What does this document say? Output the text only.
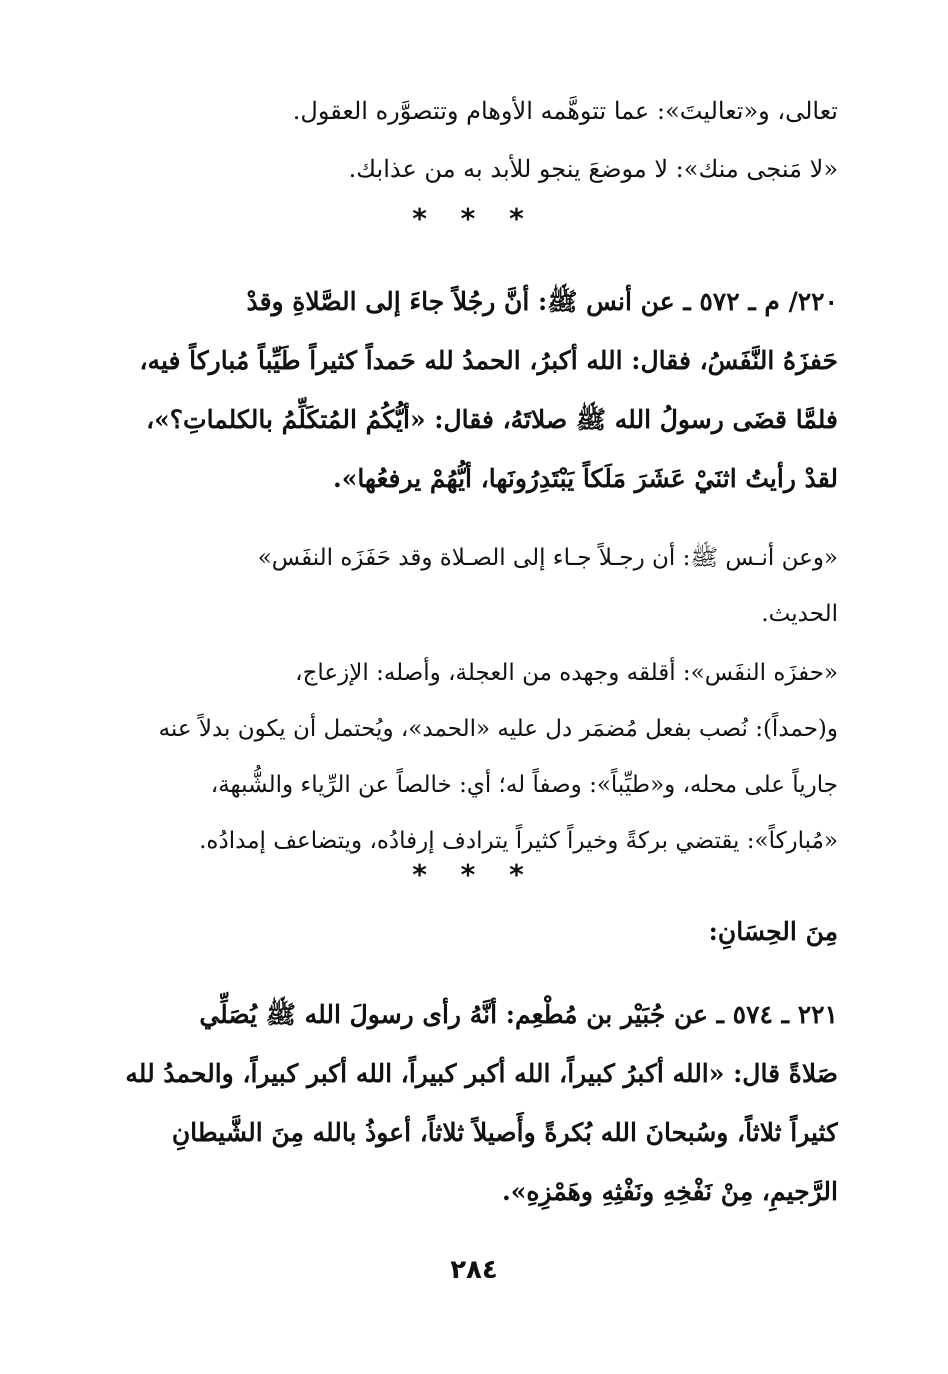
تعالى، و«تعاليتَ»: عما تتوهَّمه الأوهام وتتصوَّره العقول.
«لا مَنجى منك»: لا موضعَ ينجو للأبد به من عذابك.
* * *
٢٢٠/ م ـ ٥٧٢ ـ عن أنس ﷺ: أنَّ رجُلاً جاءَ إلى الصَّلاةِ وقدْ
حَفزَهُ النَّفَسُ، فقال: الله أكبرُ، الحمدُ لله حَمداً كثيراً طَيِّباً مُباركاً فيه،
فلمَّا قضَى رسولُ الله ﷺ صلاتَهُ، فقال: «أيُّكُمُ المُتكَلِّمُ بالكلماتِ؟»،
لقدْ رأيتُ اثنَيْ عَشَرَ مَلَكاً يَبْتَدِرُونَها، أيُّهُمْ يرفعُها».
«وعن أنـس ﷺ: أن رجـلاً جـاء إلى الصـلاة وقد حَفَزَه النفَس»
الحديث.
«حفزَه النفَس»: أقلقه وجهده من العجلة، وأصله: الإزعاج،
و(حمداً): نُصب بفعل مُضمَر دل عليه «الحمد»، ويُحتمل أن يكون بدلاً عنه
جارياً على محله، و«طيِّباً»: وصفاً له؛ أي: خالصاً عن الرِّياء والشُّبهة،
«مُباركاً»: يقتضي بركةً وخيراً كثيراً يترادف إرفادُه، ويتضاعف إمدادُه.
* * *
مِنَ الحِسَانِ:
٢٢١ ـ ٥٧٤ ـ عن جُبَيْر بن مُطْعِم: أنَّهُ رأى رسولَ الله ﷺ يُصَلِّي
صَلاةً قال: «الله أكبرُ كبيراً، الله أكبر كبيراً، الله أكبر كبيراً، والحمدُ لله
كثيراً ثلاثاً، وسُبحانَ الله بُكرةً وأَصيلاً ثلاثاً، أعوذُ بالله مِنَ الشَّيطانِ
الرَّجيمِ، مِنْ نَفْخِهِ ونَفْثِهِ وهَمْزِهِ».
٢٨٤
